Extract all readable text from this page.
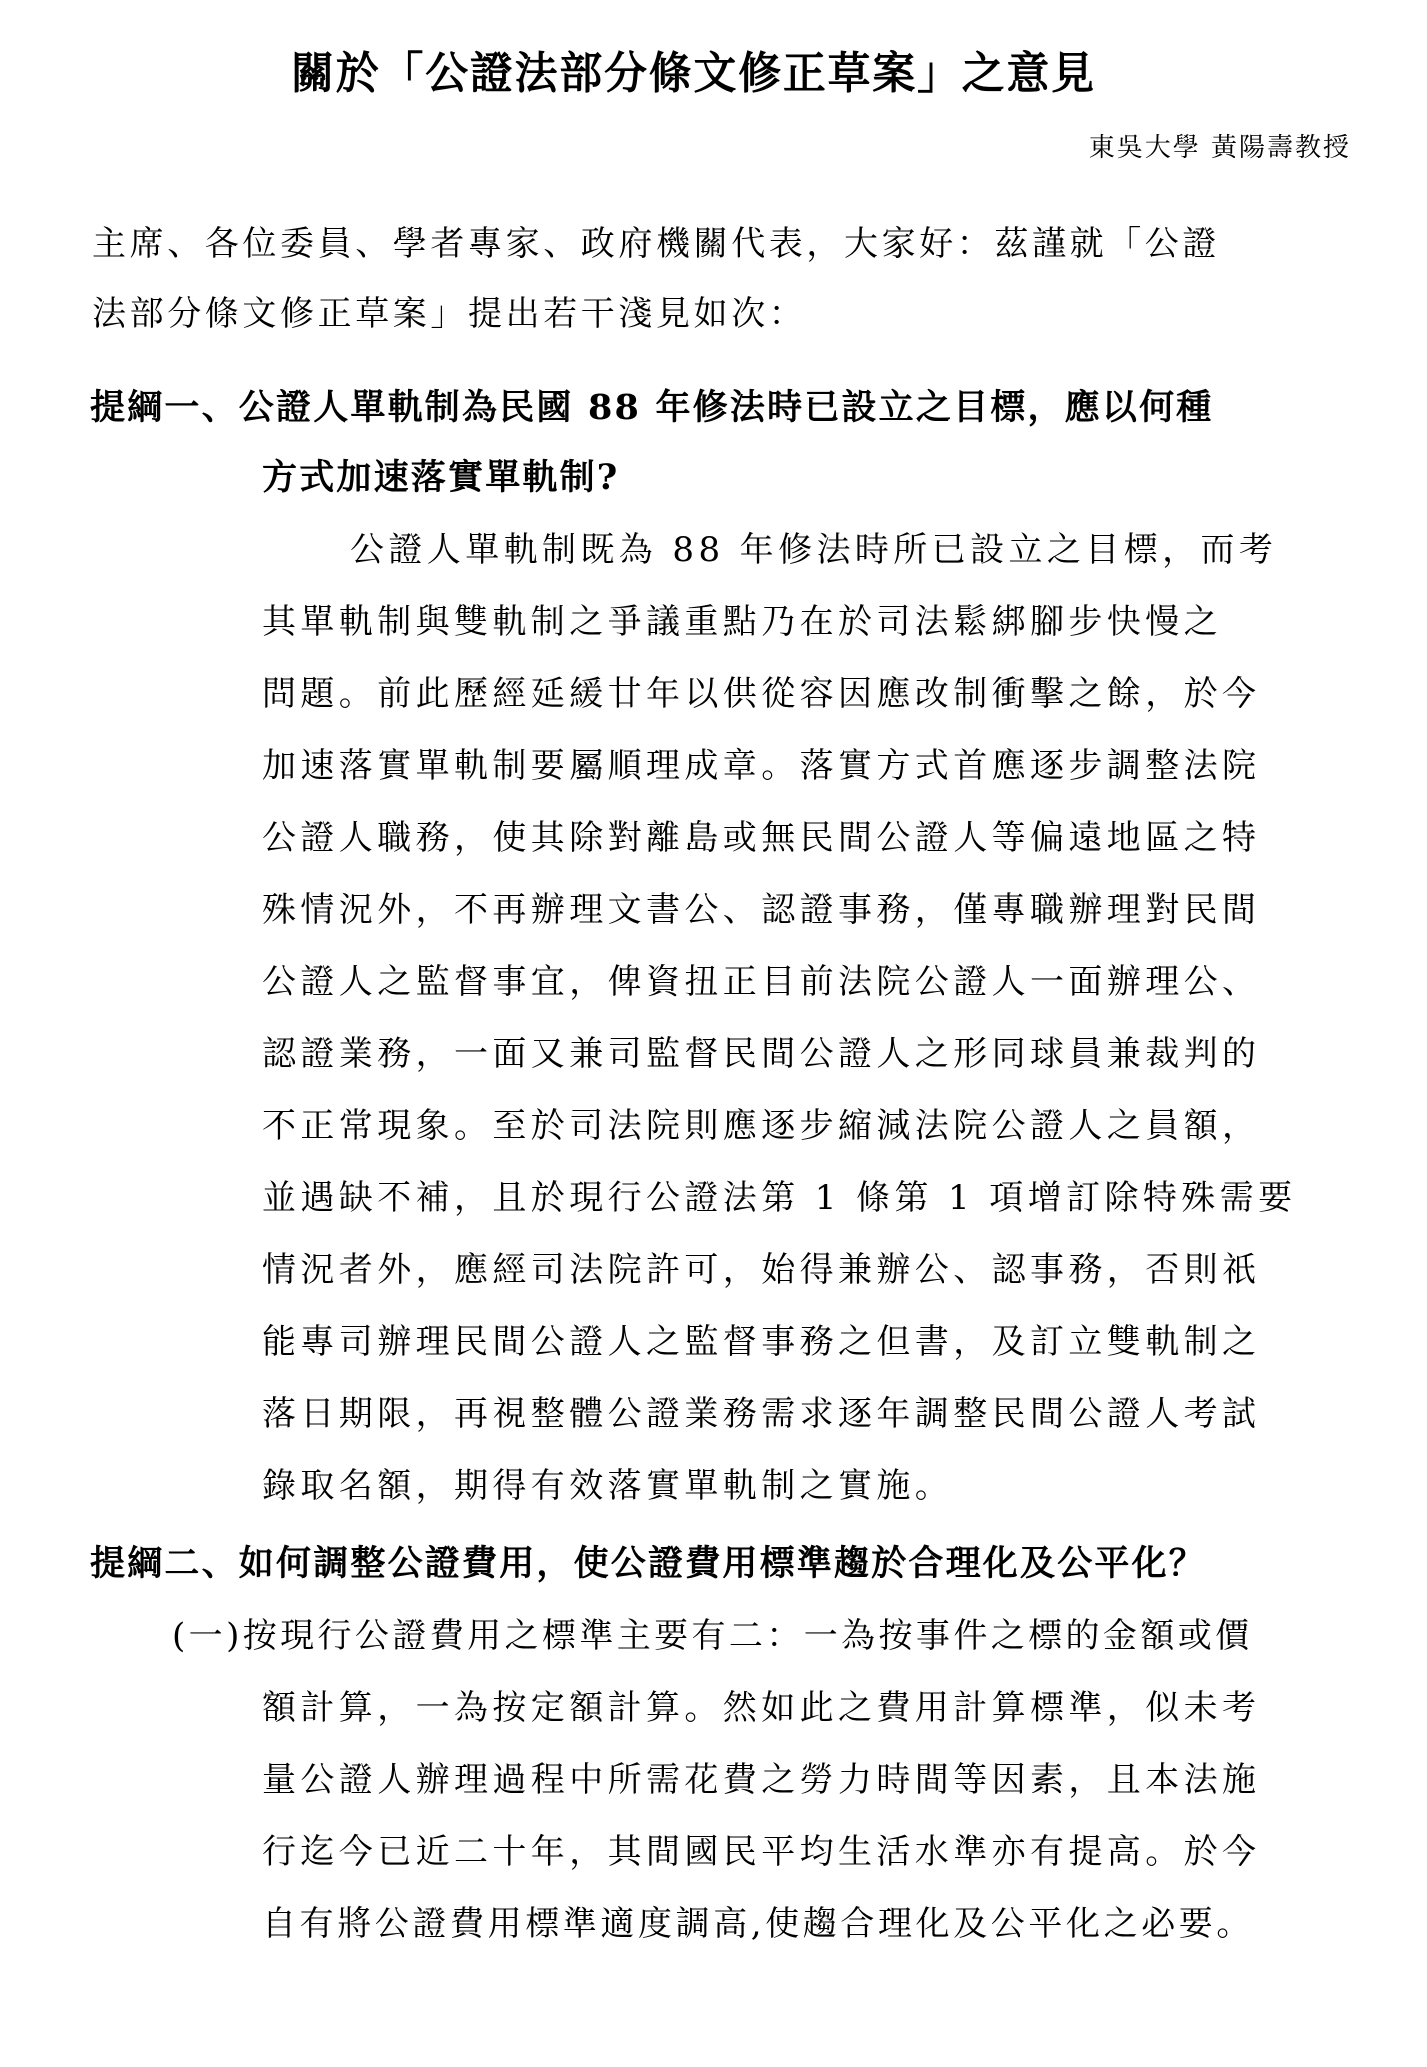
關於「公證法部分條文修正草案」之意見
東吳大學 黃陽壽教授
主席、各位委員、學者專家、政府機關代表，大家好：茲謹就「公證
法部分條文修正草案」提出若干淺見如次：
提綱一、公證人單軌制為民國 88 年修法時已設立之目標，應以何種
方式加速落實單軌制?
公證人單軌制既為 88 年修法時所已設立之目標，而考
其單軌制與雙軌制之爭議重點乃在於司法鬆綁腳步快慢之
問題。前此歷經延緩廿年以供從容因應改制衝擊之餘，於今
加速落實單軌制要屬順理成章。落實方式首應逐步調整法院
公證人職務，使其除對離島或無民間公證人等偏遠地區之特
殊情況外，不再辦理文書公、認證事務，僅專職辦理對民間
公證人之監督事宜，俾資扭正目前法院公證人一面辦理公、
認證業務，一面又兼司監督民間公證人之形同球員兼裁判的
不正常現象。至於司法院則應逐步縮減法院公證人之員額，
並遇缺不補，且於現行公證法第 1 條第 1 項增訂除特殊需要
情況者外，應經司法院許可，始得兼辦公、認事務，否則祇
能專司辦理民間公證人之監督事務之但書，及訂立雙軌制之
落日期限，再視整體公證業務需求逐年調整民間公證人考試
錄取名額，期得有效落實單軌制之實施。
提綱二、如何調整公證費用，使公證費用標準趨於合理化及公平化？
(一)按現行公證費用之標準主要有二：一為按事件之標的金額或價
額計算，一為按定額計算。然如此之費用計算標準，似未考
量公證人辦理過程中所需花費之勞力時間等因素，且本法施
行迄今已近二十年，其間國民平均生活水準亦有提高。於今
自有將公證費用標準適度調高,使趨合理化及公平化之必要。
